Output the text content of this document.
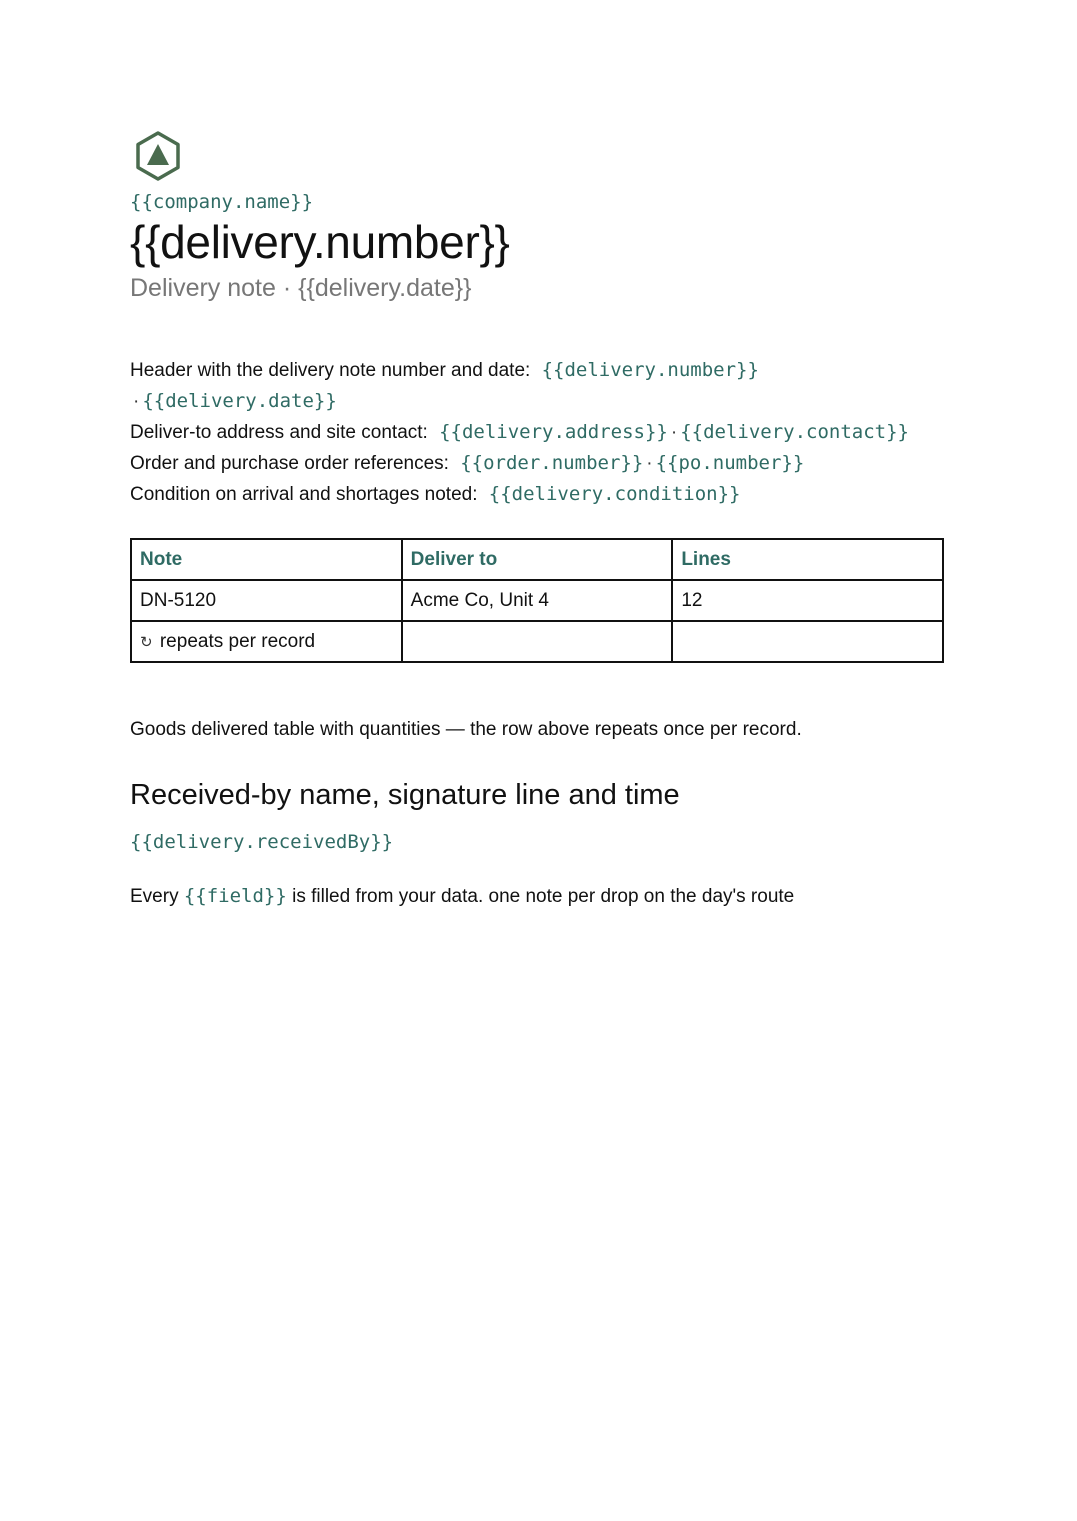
{{company.name}}
{{delivery.number}}
Delivery note · {{delivery.date}}
Header with the delivery note number and date: {{delivery.number}}· {{delivery.date}}
Deliver-to address and site contact: {{delivery.address}} · {{delivery.contact}}
Order and purchase order references: {{order.number}} · {{po.number}}
Condition on arrival and shortages noted: {{delivery.condition}}
Note	Deliver to	Lines
DN-5120	Acme Co, Unit 4	12
↻ repeats per record		
Goods delivered table with quantities — the row above repeats once per record.
Received-by name, signature line and time
{{delivery.receivedBy}}
Every {{field}} is filled from your data. one note per drop on the day's route
